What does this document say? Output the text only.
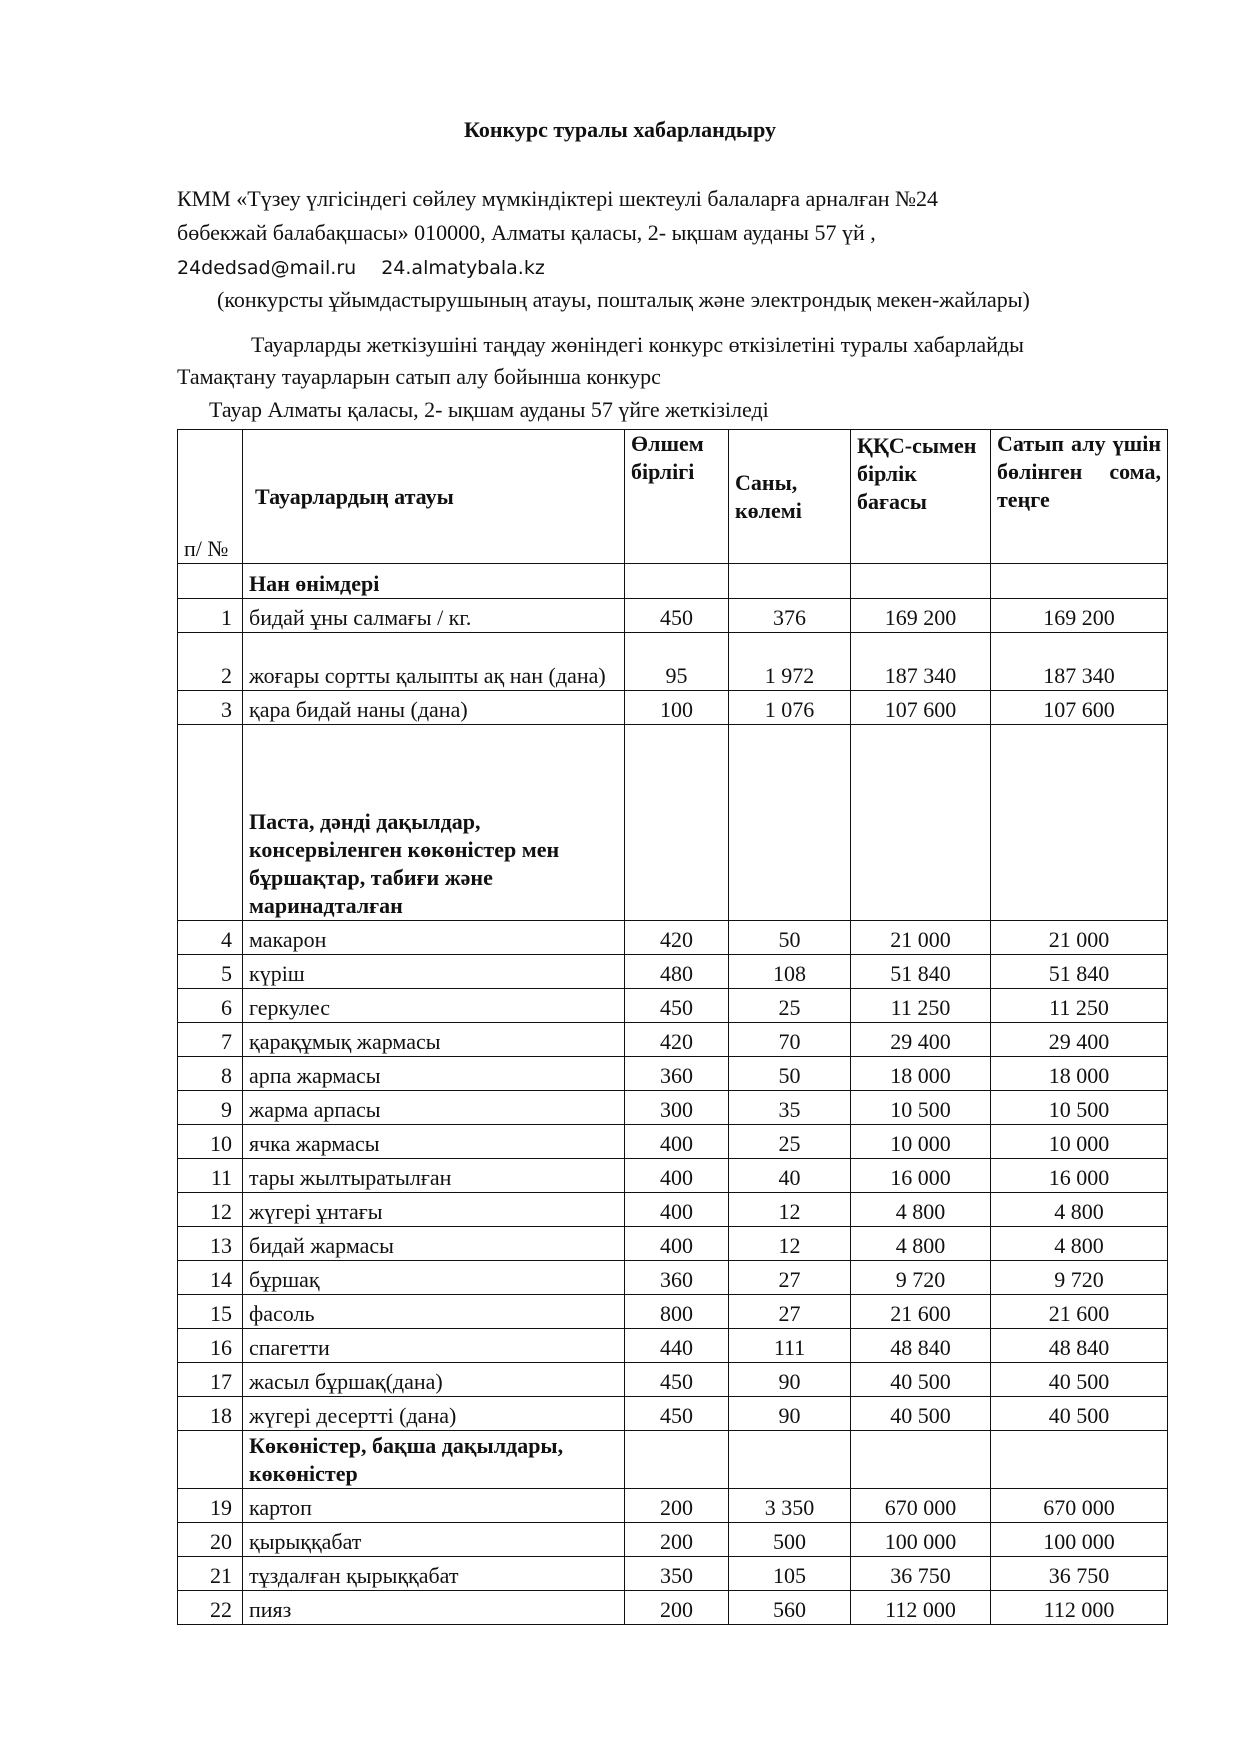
Конкурс туралы хабарландыру
КММ «Түзеу үлгісіндегі сөйлеу мүмкіндіктері шектеулі балаларға арналған №24
бөбекжай балабақшасы» 010000, Алматы қаласы, 2- ықшам ауданы 57 үй ,
24dedsad@mail.ru 24.almatybala.kz
(конкурсты ұйымдастырушының атауы, пошталық және электрондық мекен-жайлары)
Тауарларды жеткізушіні таңдау жөніндегі конкурс өткізілетіні туралы хабарлайды
Тамақтану тауарларын сатып алу бойынша конкурс
Тауар Алматы қаласы, 2- ықшам ауданы 57 үйге жеткізіледі
п/ №	Тауарлардың атауы	Өлшем бірлігі	Саны, көлемі	ҚҚС-сымен бірлік бағасы	Сатып алу үшін бөлінген сома, теңге
	Нан өнімдері				
1	бидай ұны салмағы / кг.	450	376	169 200	169 200
2	жоғары сортты қалыпты ақ нан (дана)	95	1 972	187 340	187 340
3	қара бидай наны (дана)	100	1 076	107 600	107 600
	Паста, дәнді дақылдар, консервіленген көкөністер мен бұршақтар, табиғи және маринадталған				
4	макарон	420	50	21 000	21 000
5	күріш	480	108	51 840	51 840
6	геркулес	450	25	11 250	11 250
7	қарақұмық жармасы	420	70	29 400	29 400
8	арпа жармасы	360	50	18 000	18 000
9	жарма арпасы	300	35	10 500	10 500
10	ячка жармасы	400	25	10 000	10 000
11	тары жылтыратылған	400	40	16 000	16 000
12	жүгері ұнтағы	400	12	4 800	4 800
13	бидай жармасы	400	12	4 800	4 800
14	бұршақ	360	27	9 720	9 720
15	фасоль	800	27	21 600	21 600
16	спагетти	440	111	48 840	48 840
17	жасыл бұршақ(дана)	450	90	40 500	40 500
18	жүгері десертті (дана)	450	90	40 500	40 500
	Көкөністер, бақша дақылдары, көкөністер				
19	картоп	200	3 350	670 000	670 000
20	қырыққабат	200	500	100 000	100 000
21	тұздалған қырыққабат	350	105	36 750	36 750
22	пияз	200	560	112 000	112 000
